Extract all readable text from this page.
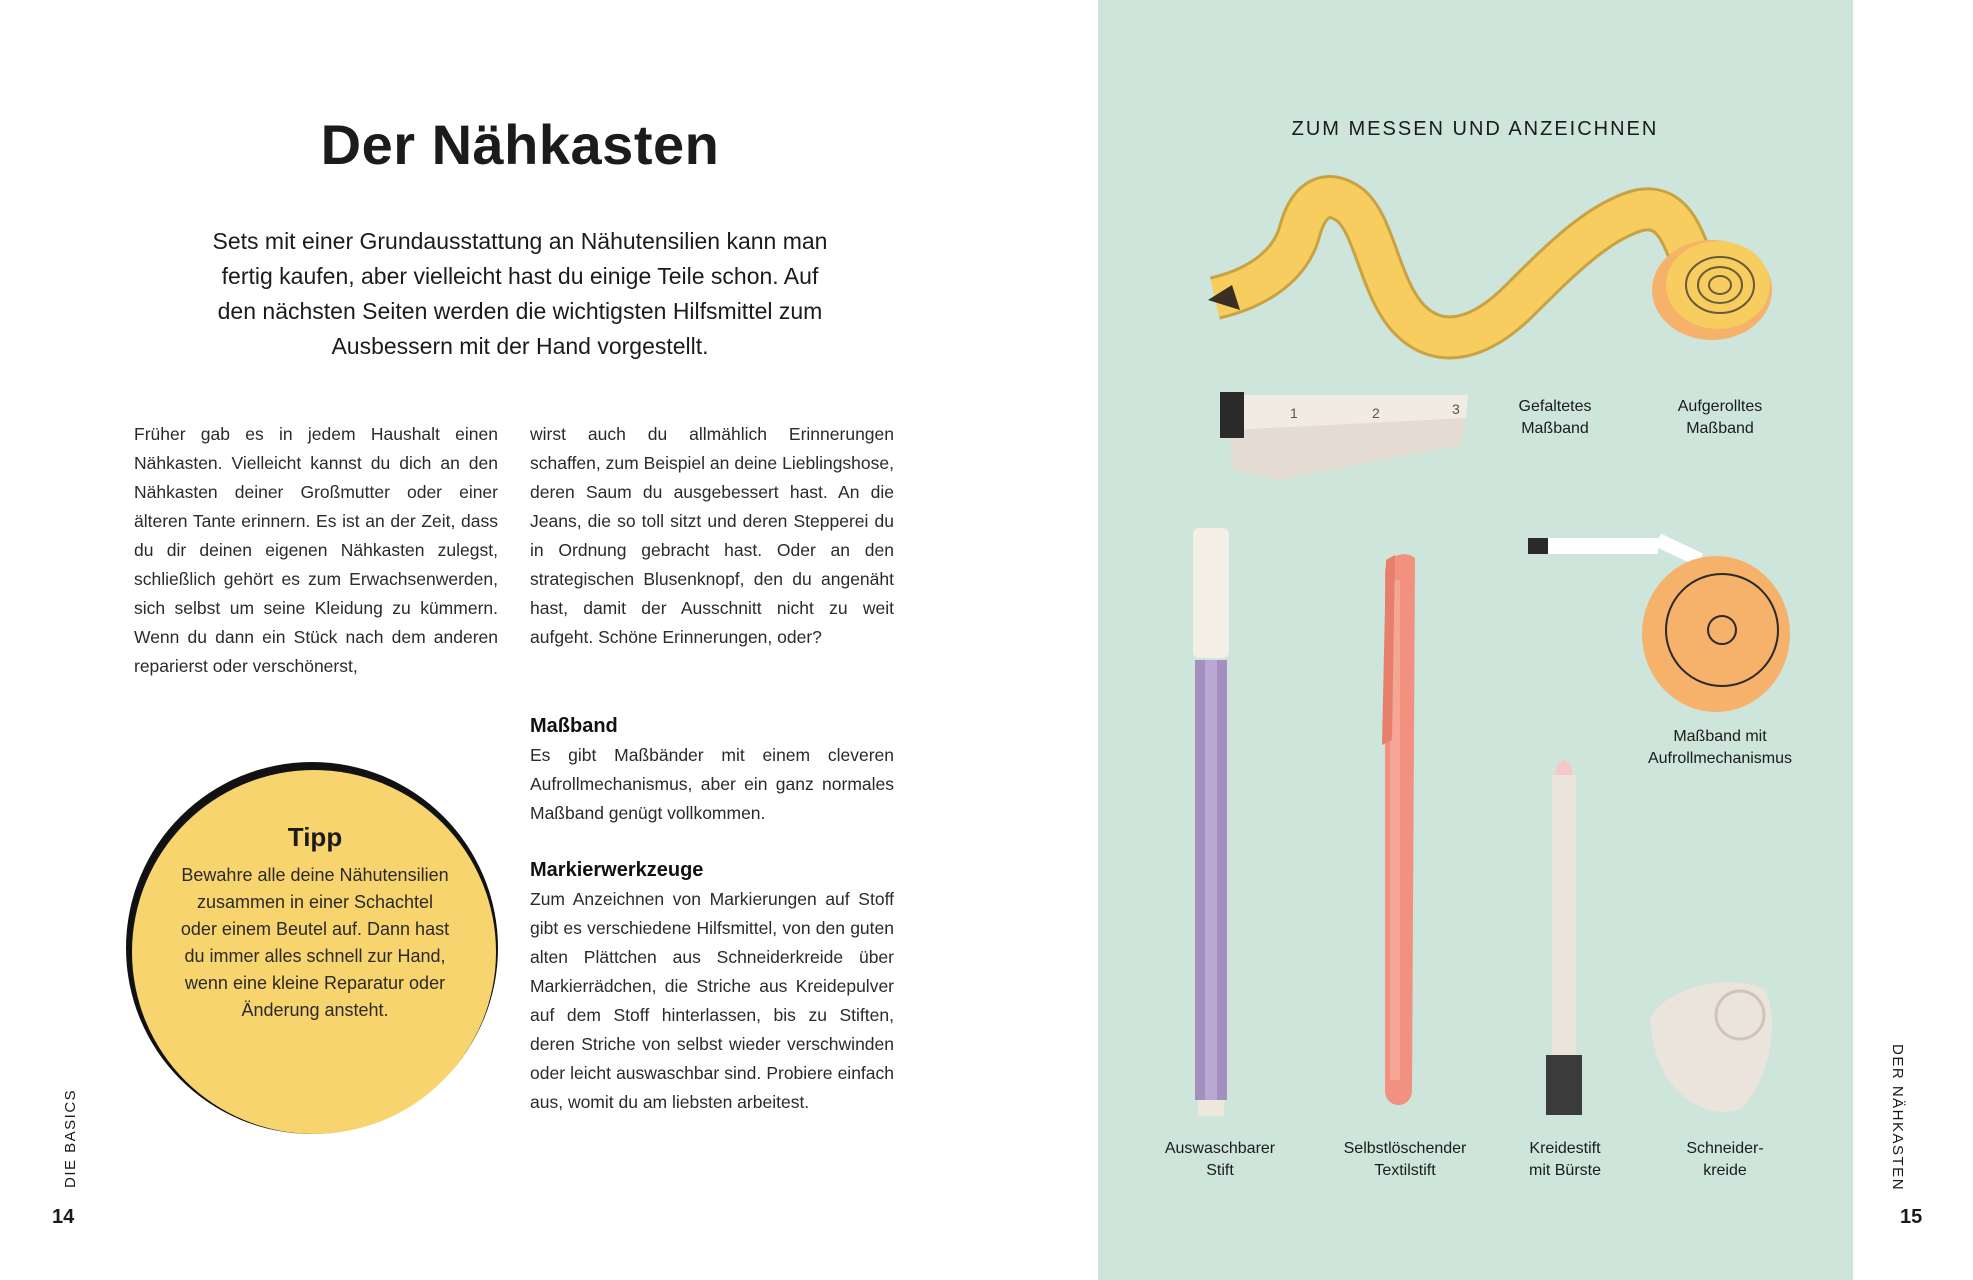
Der Nähkasten

Sets mit einer Grundausstattung an Nähutensilien kann man fertig kaufen, aber vielleicht hast du einige Teile schon. Auf den nächsten Seiten werden die wichtigsten Hilfsmittel zum Ausbessern mit der Hand vorgestellt.

Früher gab es in jedem Haushalt einen Nähkasten. Vielleicht kannst du dich an den Nähkasten deiner Großmutter oder einer älteren Tante erinnern. Es ist an der Zeit, dass du dir deinen eigenen Nähkasten zulegst, schließlich gehört es zum Erwachsenwerden, sich selbst um seine Kleidung zu kümmern. Wenn du dann ein Stück nach dem anderen reparierst oder verschönerst,

wirst auch du allmählich Erinnerungen schaffen, zum Beispiel an deine Lieblingshose, deren Saum du ausgebessert hast. An die Jeans, die so toll sitzt und deren Stepperei du in Ordnung gebracht hast. Oder an den strategischen Blusenknopf, den du angenäht hast, damit der Ausschnitt nicht zu weit aufgeht. Schöne Erinnerungen, oder?

Maßband

Es gibt Maßbänder mit einem cleveren Aufrollmechanismus, aber ein ganz normales Maßband genügt vollkommen.

Markierwerkzeuge

Zum Anzeichnen von Markierungen auf Stoff gibt es verschiedene Hilfsmittel, von den guten alten Plättchen aus Schneiderkreide über Markierrädchen, die Striche aus Kreidepulver auf dem Stoff hinterlassen, bis zu Stiften, deren Striche von selbst wieder verschwinden oder leicht auswaschbar sind. Probiere einfach aus, womit du am liebsten arbeitest.

Tipp

Bewahre alle deine Nähutensilien zusammen in einer Schachtel oder einem Beutel auf. Dann hast du immer alles schnell zur Hand, wenn eine kleine Reparatur oder Änderung ansteht.

DIE BASICS
14
DER NÄHKASTEN
15
ZUM MESSEN UND ANZEICHNEN
1	2	3	Gefaltetes
Maßband
Aufgerolltes
Maßband
Maßband mit
Aufrollmechanismus
Auswaschbarer
Stift
Selbstlöschender
Textilstift
Kreidestift
mit Bürste
Schneider-
kreide
